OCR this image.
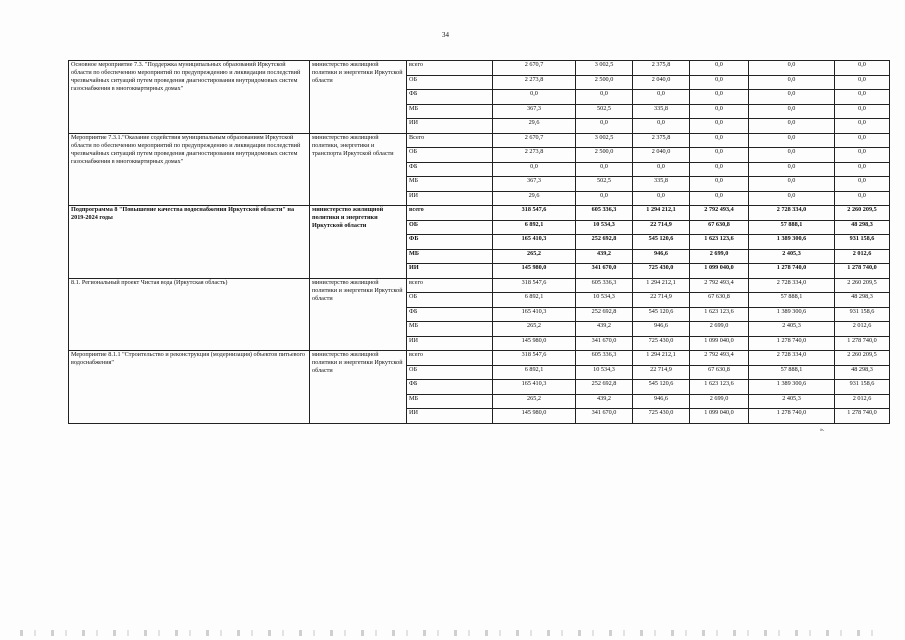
34
Основное мероприятие 7.3. "Поддержка муниципальных образований Иркутской области по обеспечению мероприятий по предупреждению и ликвидации последствий чрезвычайных ситуаций путем проведения диагностирования внутридомовых систем газоснабжения в многоквартирных домах"	министерство жилищной политики и энергетики Иркутской области	всего	2 670,7	3 002,5	2 375,8	0,0	0,0	0,0
		ОБ	2 273,8	2 500,0	2 040,0	0,0	0,0	0,0
		ФБ	0,0	0,0	0,0	0,0	0,0	0,0
		МБ	367,3	502,5	335,8	0,0	0,0	0,0
		ИИ	29,6	0,0	0,0	0,0	0,0	0,0
Мероприятие 7.3.1."Оказание содействия муниципальным образованиям Иркутской области по обеспечению мероприятий по предупреждению и ликвидации последствий чрезвычайных ситуаций путем проведения диагностирования внутридомовых систем газоснабжения в многоквартирных домах"	министерство жилищной политики, энергетики и транспорта Иркутской области	Всего	2 670,7	3 002,5	2 375,8	0,0	0,0	0,0
		ОБ	2 273,8	2 500,0	2 040,0	0,0	0,0	0,0
		ФБ	0,0	0,0	0,0	0,0	0,0	0,0
		МБ	367,3	502,5	335,8	0,0	0,0	0,0
		ИИ	29,6	0,0	0,0	0,0	0,0	0,0
Подпрограмма 8 "Повышение качества водоснабжения Иркутской области" на 2019-2024 годы	министерство жилищной политики и энергетики Иркутской области	всего	318 547,6	605 336,3	1 294 212,1	2 792 493,4	2 728 334,0	2 260 209,5
		ОБ	6 892,1	10 534,3	22 714,9	67 630,8	57 888,1	48 298,3
		ФБ	165 410,3	252 692,8	545 120,6	1 623 123,6	1 389 300,6	931 158,6
		МБ	265,2	439,2	946,6	2 699,0	2 405,3	2 012,6
		ИИ	145 980,0	341 670,0	725 430,0	1 099 040,0	1 278 740,0	1 278 740,0
8.1. Региональный проект Чистая вода (Иркутская область)	министерство жилищной политики и энергетики Иркутской области	всего	318 547,6	605 336,3	1 294 212,1	2 792 493,4	2 728 334,0	2 260 209,5
		ОБ	6 892,1	10 534,3	22 714,9	67 630,8	57 888,1	48 298,3
		ФБ	165 410,3	252 692,8	545 120,6	1 623 123,6	1 389 300,6	931 158,6
		МБ	265,2	439,2	946,6	2 699,0	2 405,3	2 012,6
		ИИ	145 980,0	341 670,0	725 430,0	1 099 040,0	1 278 740,0	1 278 740,0
Мероприятие 8.1.1 "Строительство и реконструкция (модернизация) объектов питьевого водоснабжения"	министерство жилищной политики и энергетики Иркутской области	всего	318 547,6	605 336,3	1 294 212,1	2 792 493,4	2 728 334,0	2 260 209,5
		ОБ	6 892,1	10 534,3	22 714,9	67 630,8	57 888,1	48 298,3
		ФБ	165 410,3	252 692,8	545 120,6	1 623 123,6	1 389 300,6	931 158,6
		МБ	265,2	439,2	946,6	2 699,0	2 405,3	2 012,6
		ИИ	145 980,0	341 670,0	725 430,0	1 099 040,0	1 278 740,0	1 278 740,0
».
